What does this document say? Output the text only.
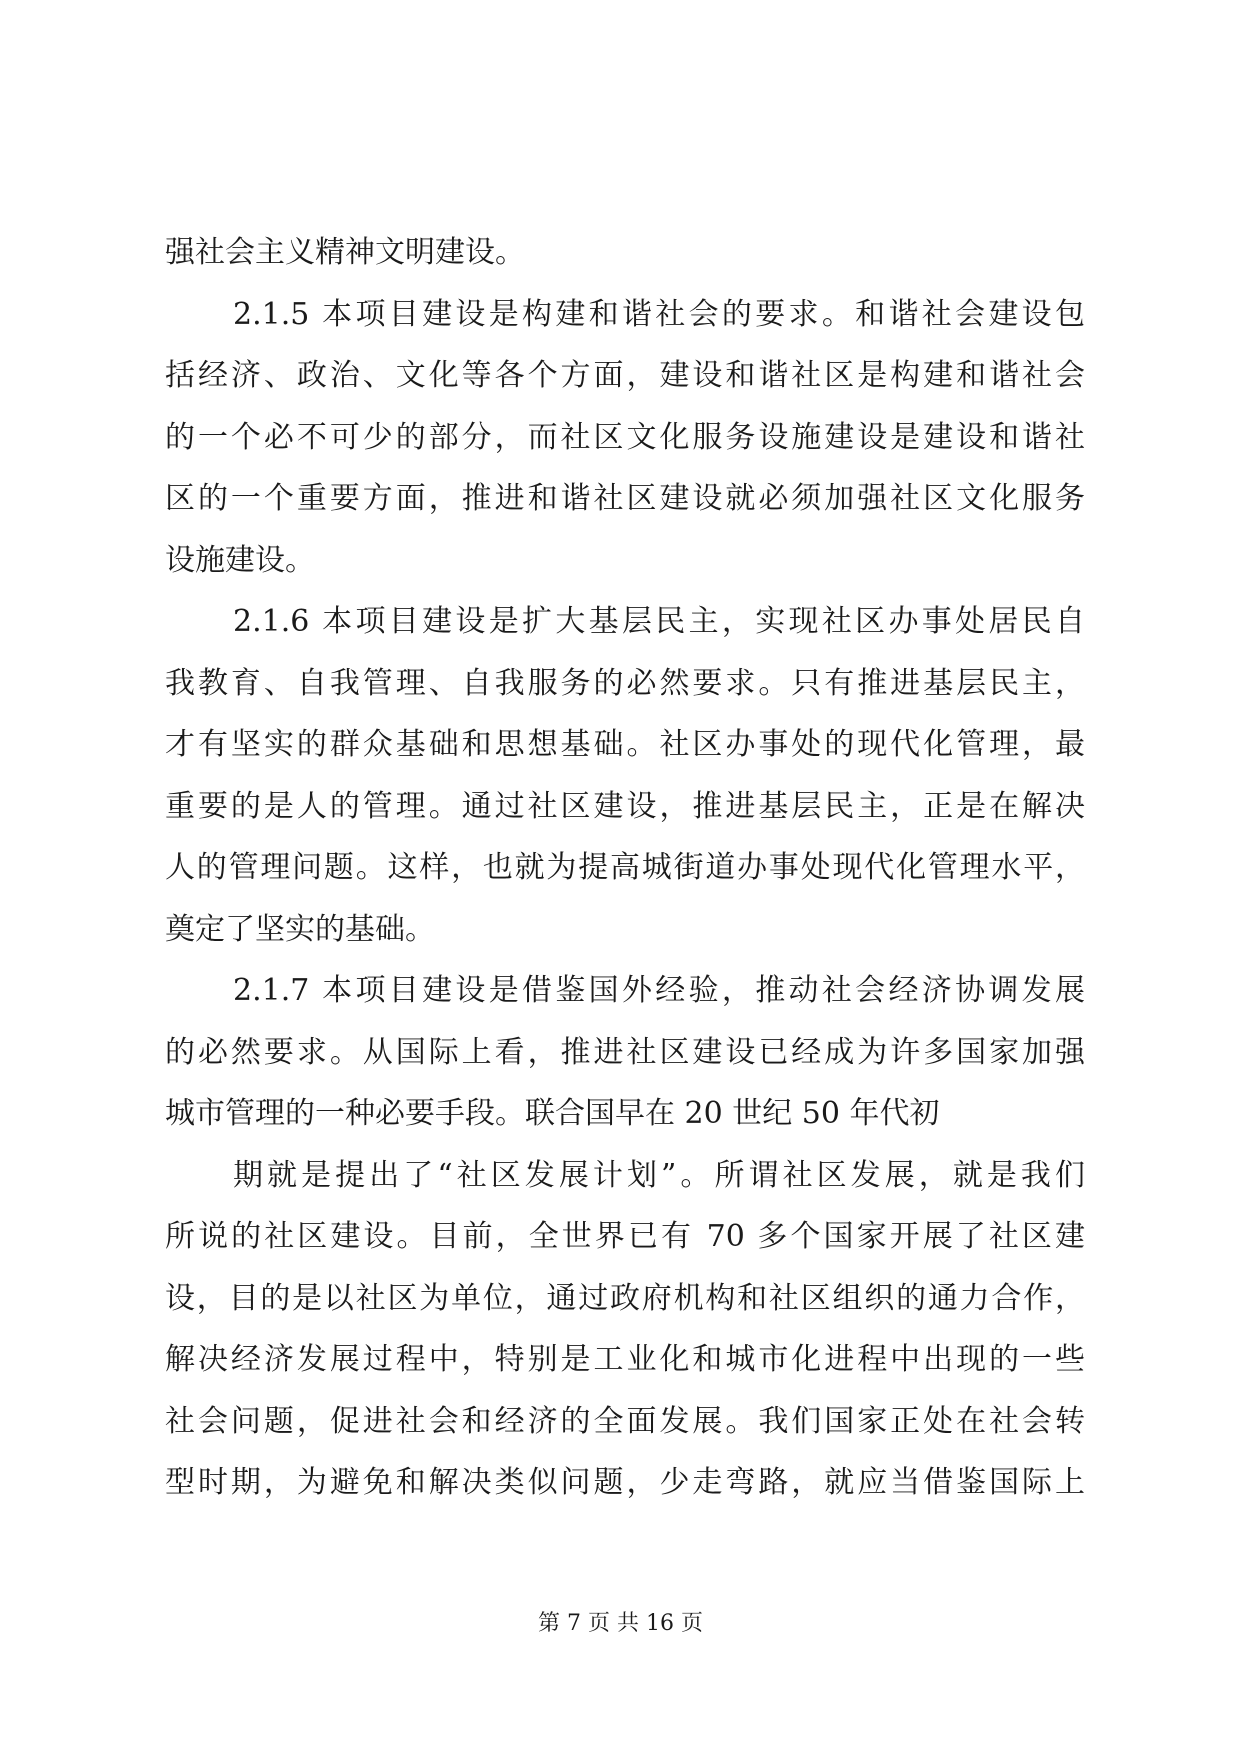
强社会主义精神文明建设。
2.1.5 本项目建设是构建和谐社会的要求。和谐社会建设包
括经济、政治、文化等各个方面，建设和谐社区是构建和谐社会
的一个必不可少的部分，而社区文化服务设施建设是建设和谐社
区的一个重要方面，推进和谐社区建设就必须加强社区文化服务
设施建设。
2.1.6 本项目建设是扩大基层民主，实现社区办事处居民自
我教育、自我管理、自我服务的必然要求。只有推进基层民主，
才有坚实的群众基础和思想基础。社区办事处的现代化管理，最
重要的是人的管理。通过社区建设，推进基层民主，正是在解决
人的管理问题。这样，也就为提高城街道办事处现代化管理水平，
奠定了坚实的基础。
2.1.7 本项目建设是借鉴国外经验，推动社会经济协调发展
的必然要求。从国际上看，推进社区建设已经成为许多国家加强
城市管理的一种必要手段。联合国早在 20 世纪 50 年代初
期就是提出了“社区发展计划”。所谓社区发展，就是我们
所说的社区建设。目前，全世界已有 70 多个国家开展了社区建
设，目的是以社区为单位，通过政府机构和社区组织的通力合作，
解决经济发展过程中，特别是工业化和城市化进程中出现的一些
社会问题，促进社会和经济的全面发展。我们国家正处在社会转
型时期，为避免和解决类似问题，少走弯路，就应当借鉴国际上
第 7 页 共 16 页
